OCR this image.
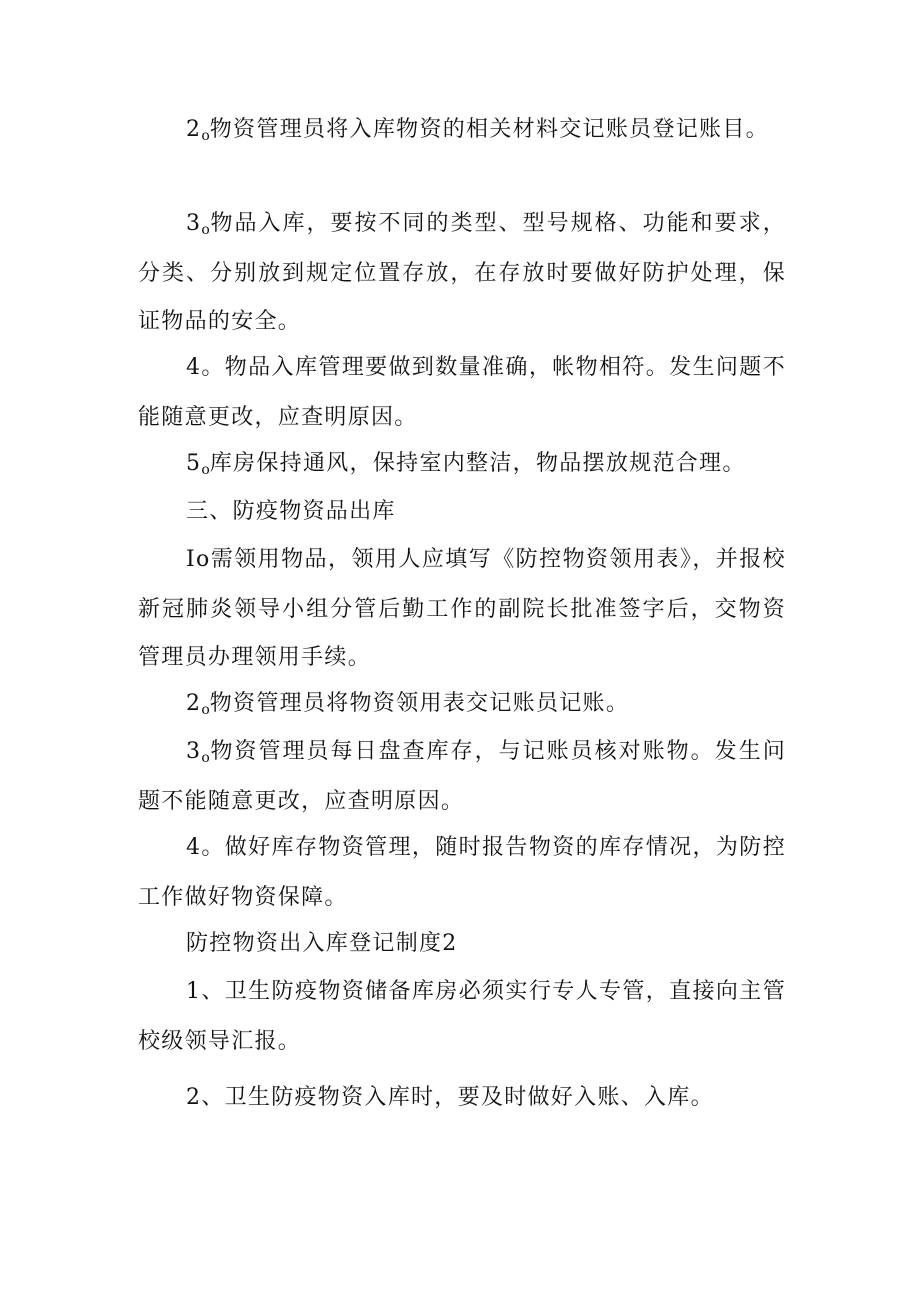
2o物资管理员将入库物资的相关材料交记账员登记账目。

3o物品入库，要按不同的类型、型号规格、功能和要求，分类、分别放到规定位置存放，在存放时要做好防护处理，保证物品的安全。

4。物品入库管理要做到数量准确，帐物相符。发生问题不能随意更改，应查明原因。

5o库房保持通风，保持室内整洁，物品摆放规范合理。

三、防疫物资品出库

Io需领用物品，领用人应填写《防控物资领用表》，并报校新冠肺炎领导小组分管后勤工作的副院长批准签字后，交物资管理员办理领用手续。

2o物资管理员将物资领用表交记账员记账。

3o物资管理员每日盘查库存，与记账员核对账物。发生问题不能随意更改，应查明原因。

4。做好库存物资管理，随时报告物资的库存情况，为防控工作做好物资保障。

防控物资出入库登记制度2

1、卫生防疫物资储备库房必须实行专人专管，直接向主管校级领导汇报。

2、卫生防疫物资入库时，要及时做好入账、入库。
